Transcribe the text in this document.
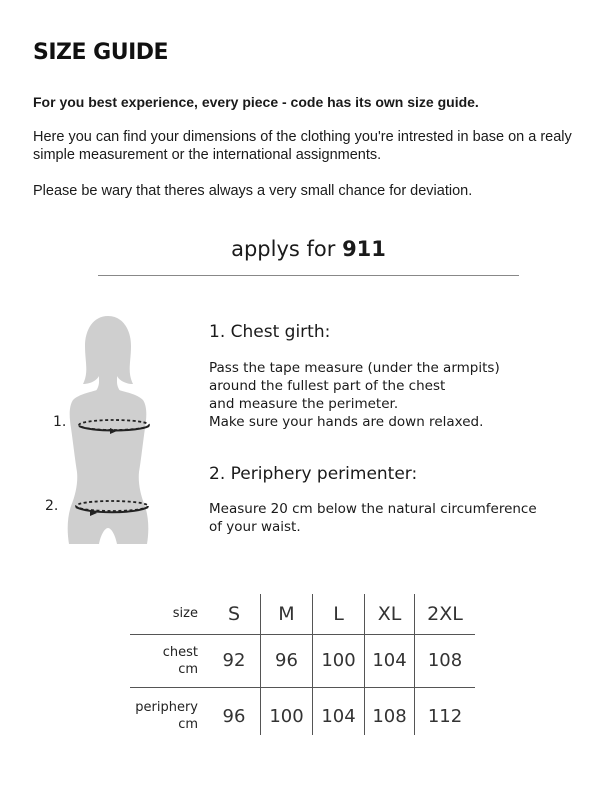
SIZE GUIDE

For you best experience, every piece - code has its own size guide.

Here you can find your dimensions of the clothing you're intrested in base on a realy simple measurement or the international assignments.

Please be wary that theres always a very small chance for deviation.

applys for 911
1.
2.
1. Chest girth:
Pass the tape measure (under the armpits)
around the fullest part of the chest
and measure the perimeter.
Make sure your hands are down relaxed.
2. Periphery perimenter:
Measure 20 cm below the natural circumference
of your waist.
size	S	M	L	XL	2XL
chest
cm	92	96	100	104	108
periphery
cm	96	100	104	108	112
